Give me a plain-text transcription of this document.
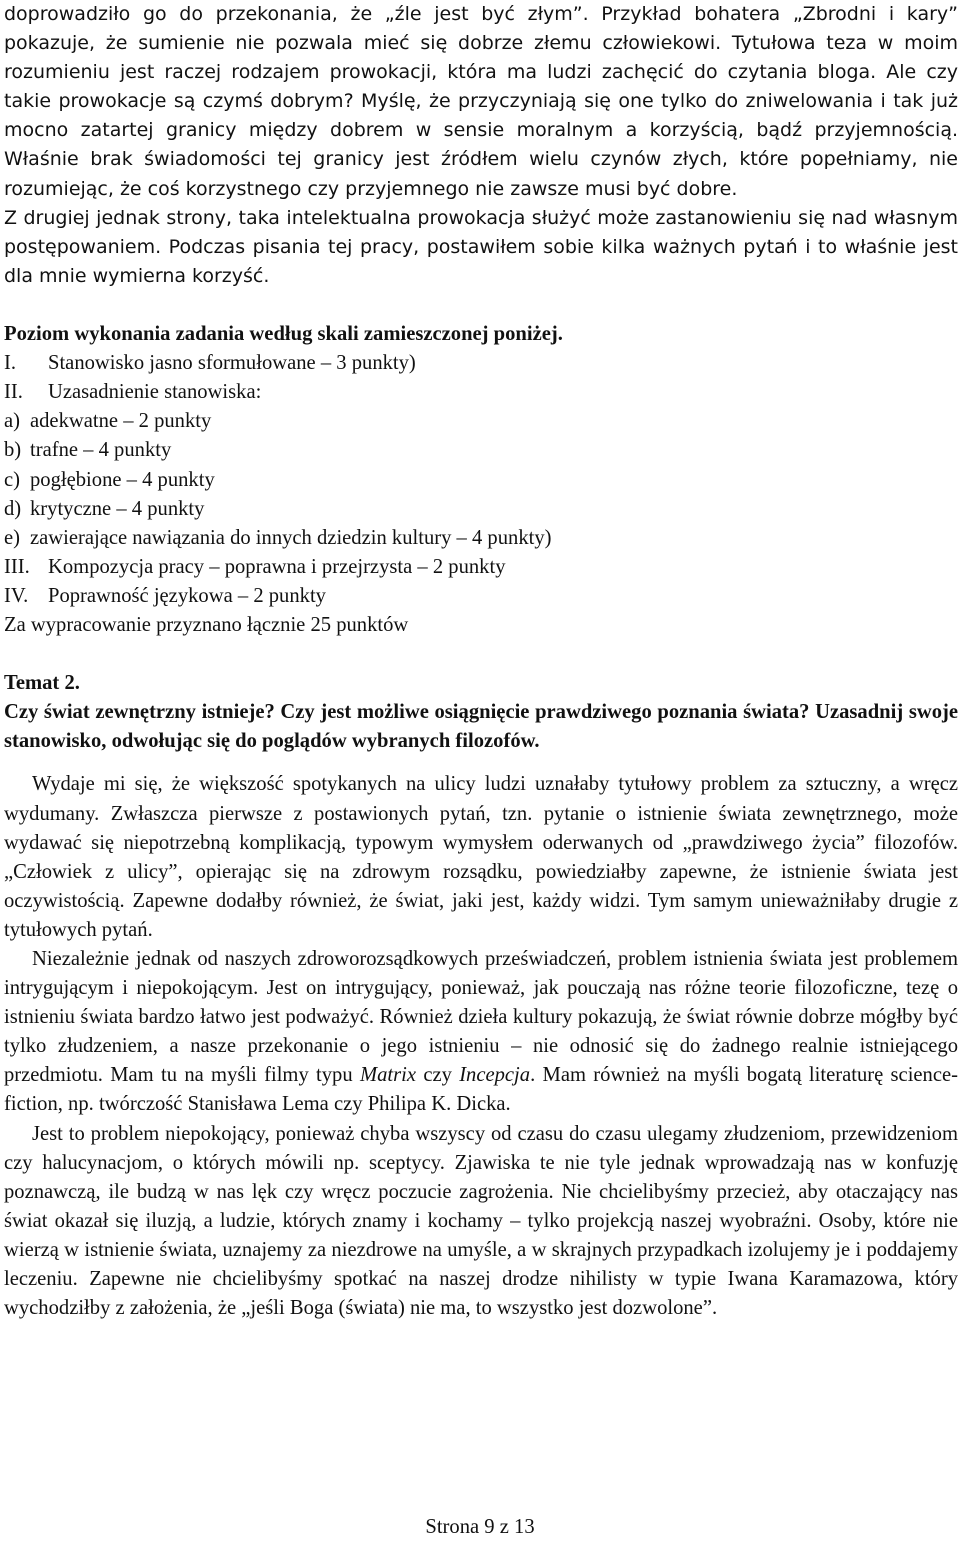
doprowadziło go do przekonania, że „źle jest być złym”. Przykład bohatera „Zbrodni i kary” pokazuje, że sumienie nie pozwala mieć się dobrze złemu człowiekowi. Tytułowa teza w moim rozumieniu jest raczej rodzajem prowokacji, która ma ludzi zachęcić do czytania bloga. Ale czy takie prowokacje są czymś dobrym? Myślę, że przyczyniają się one tylko do zniwelowania i tak już mocno zatartej granicy między dobrem w sensie moralnym a korzyścią, bądź przyjemnością. Właśnie brak świadomości tej granicy jest źródłem wielu czynów złych, które popełniamy, nie rozumiejąc, że coś korzystnego czy przyjemnego nie zawsze musi być dobre.

Z drugiej jednak strony, taka intelektualna prowokacja służyć może zastanowieniu się nad własnym postępowaniem. Podczas pisania tej pracy, postawiłem sobie kilka ważnych pytań i to właśnie jest dla mnie wymierna korzyść.

Poziom wykonania zadania według skali zamieszczonej poniżej.

I. Stanowisko jasno sformułowane – 3 punkty)
II. Uzasadnienie stanowiska:
a) adekwatne – 2 punkty
b) trafne – 4 punkty
c) pogłębione – 4 punkty
d) krytyczne – 4 punkty
e) zawierające nawiązania do innych dziedzin kultury – 4 punkty)
III. Kompozycja pracy – poprawna i przejrzysta – 2 punkty
IV. Poprawność językowa – 2 punkty
Za wypracowanie przyznano łącznie 25 punktów

Temat 2.

Czy świat zewnętrzny istnieje? Czy jest możliwe osiągnięcie prawdziwego poznania świata? Uzasadnij swoje stanowisko, odwołując się do poglądów wybranych filozofów.

Wydaje mi się, że większość spotykanych na ulicy ludzi uznałaby tytułowy problem za sztuczny, a wręcz wydumany. Zwłaszcza pierwsze z postawionych pytań, tzn. pytanie o istnienie świata zewnętrznego, może wydawać się niepotrzebną komplikacją, typowym wymysłem oderwanych od „prawdziwego życia” filozofów. „Człowiek z ulicy”, opierając się na zdrowym rozsądku, powiedziałby zapewne, że istnienie świata jest oczywistością. Zapewne dodałby również, że świat, jaki jest, każdy widzi. Tym samym unieważniłaby drugie z tytułowych pytań.

Niezależnie jednak od naszych zdroworozsądkowych przeświadczeń, problem istnienia świata jest problemem intrygującym i niepokojącym. Jest on intrygujący, ponieważ, jak pouczają nas różne teorie filozoficzne, tezę o istnieniu świata bardzo łatwo jest podważyć. Również dzieła kultury pokazują, że świat równie dobrze mógłby być tylko złudzeniem, a nasze przekonanie o jego istnieniu – nie odnosić się do żadnego realnie istniejącego przedmiotu. Mam tu na myśli filmy typu Matrix czy Incepcja. Mam również na myśli bogatą literaturę science-fiction, np. twórczość Stanisława Lema czy Philipa K. Dicka.

Jest to problem niepokojący, ponieważ chyba wszyscy od czasu do czasu ulegamy złudzeniom, przewidzeniom czy halucynacjom, o których mówili np. sceptycy. Zjawiska te nie tyle jednak wprowadzają nas w konfuzję poznawczą, ile budzą w nas lęk czy wręcz poczucie zagrożenia. Nie chcielibyśmy przecież, aby otaczający nas świat okazał się iluzją, a ludzie, których znamy i kochamy – tylko projekcją naszej wyobraźni. Osoby, które nie wierzą w istnienie świata, uznajemy za niezdrowe na umyśle, a w skrajnych przypadkach izolujemy je i poddajemy leczeniu. Zapewne nie chcielibyśmy spotkać na naszej drodze nihilisty w typie Iwana Karamazowa, który wychodziłby z założenia, że „jeśli Boga (świata) nie ma, to wszystko jest dozwolone”.

Strona 9 z 13
